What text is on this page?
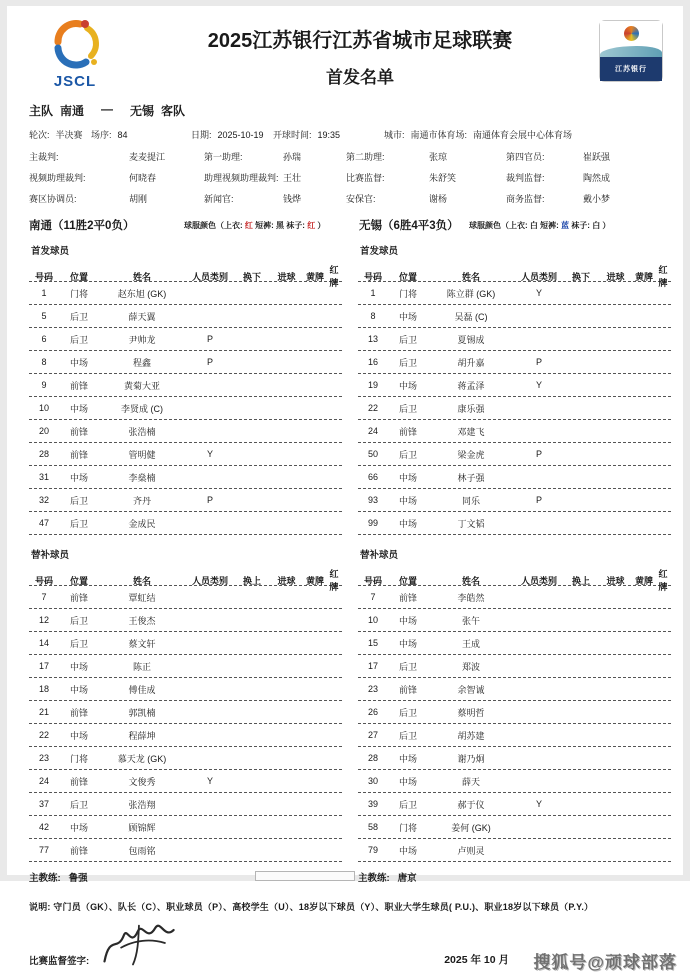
JSCL
2025江苏银行江苏省城市足球联赛
首发名单	江苏银行
主队 南通 — 无锡 客队
轮次: 半决赛 场序: 84	日期: 2025-10-19	开球时间: 19:35	城市: 南通市 体育场: 南通体育会展中心体育场
主裁判:	麦麦提江	第一助理:	孙瑞	第二助理:	张琼	第四官员:	崔跃强
视频助理裁判:	何晓春	助理视频助理裁判: 王壮	比赛监督:	朱舒笑	裁判监督:	陶然成
赛区协调员:	胡刚	新闻官:	钱烨	安保官:	谢杨	商务监督:	戴小梦
南通（11胜2平0负）	球服颜色（上衣: 红 短裤: 黑 袜子: 红 ）	无锡（6胜4平3负）	球服颜色（上衣: 白 短裤: 蓝 袜子: 白 ）
首发球员
号码	位置	姓名	人员类别	换下	进球	黄牌
红牌
1	门将	赵东旭 (GK)
5	后卫	薛天翼
6	后卫	尹帅龙	P
8	中场	程鑫	P
9	前锋	黄菊大亚
10	中场	李贤成 (C)
20	前锋	张浩楠
28	前锋	管明健	Y
31	中场	李燊楠
32	后卫	齐丹	P
47	后卫	金成民
替补球员
号码	位置	姓名	人员类别	换上	进球	黄牌
红牌
7	前锋	覃虹结
12	后卫	王俊杰
14	后卫	蔡文轩
17	中场	陈正
18	中场	傅佳成
21	前锋	郭凯楠
22	中场	程薛坤
23	门将	慕天龙 (GK)
24	前锋	文俊秀	Y
37	后卫	张浩翔
42	中场	顾锦辉
77	前锋	包雨铭
主教练: 鲁强
首发球员
号码	位置	姓名	人员类别	换下	进球	黄牌
红牌
1	门将	陈立群 (GK)	Y
8	中场	吴磊 (C)
13	后卫	夏锡成
16	后卫	胡升嘉	P
19	中场	蒋孟泽	Y
22	后卫	康乐强
24	前锋	邓建飞
50	后卫	梁金虎	P
66	中场	林子强
93	中场	同乐	P
99	中场	丁文韬
替补球员
号码	位置	姓名	人员类别	换上	进球	黄牌
红牌
7	前锋	李皓然
10	中场	张午
15	中场	王成
17	后卫	郑波
23	前锋	余智诚
26	后卫	蔡明哲
27	后卫	胡苏建
28	中场	谢乃炯
30	中场	薛天
39	后卫	郝于仪	Y
58	门将	姜何 (GK)
79	中场	卢则灵
主教练: 唐京
说明: 守门员（GK）、队长（C）、职业球员（P）、高校学生（U）、18岁以下球员（Y）、职业大学生球员( P.U.)、职业18岁以下球员（P.Y.）
比赛监督签字:	2025 年 10 月 搜狐号@顽球部落
